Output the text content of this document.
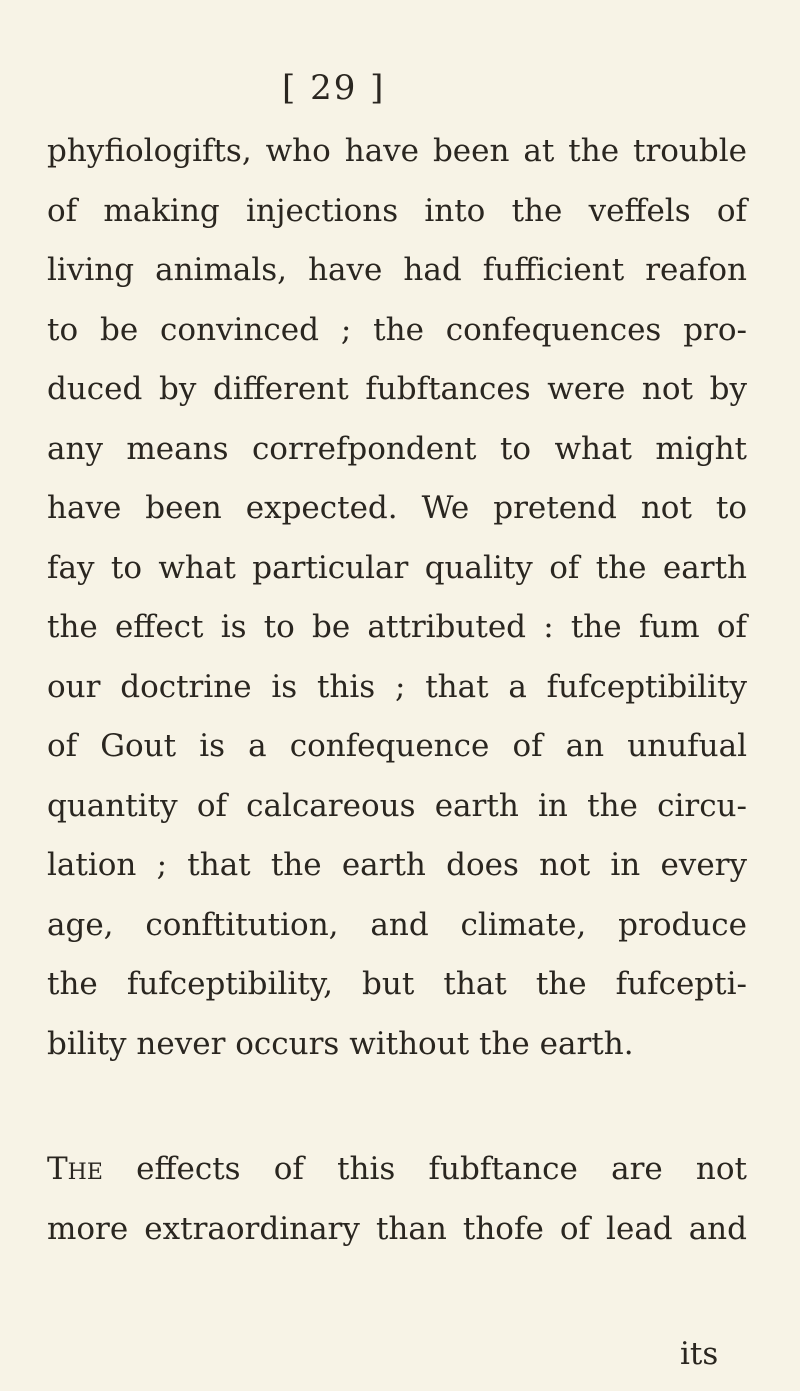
[ 29 ]
phyfiologifts, who have been at the trouble
of making injections into the veffels of
living animals, have had fufficient reafon
to be convinced ; the confequences pro-
duced by different fubftances were not by
any means correfpondent to what might
have been expected. We pretend not to
fay to what particular quality of the earth
the effect is to be attributed : the fum of
our doctrine is this ; that a fufceptibility
of Gout is a confequence of an unufual
quantity of calcareous earth in the circu-
lation ; that the earth does not in every
age, conftitution, and climate, produce
the fufceptibility, but that the fufcepti-
bility never occurs without the earth.
The effects of this fubftance are not
more extraordinary than thofe of lead and
its
